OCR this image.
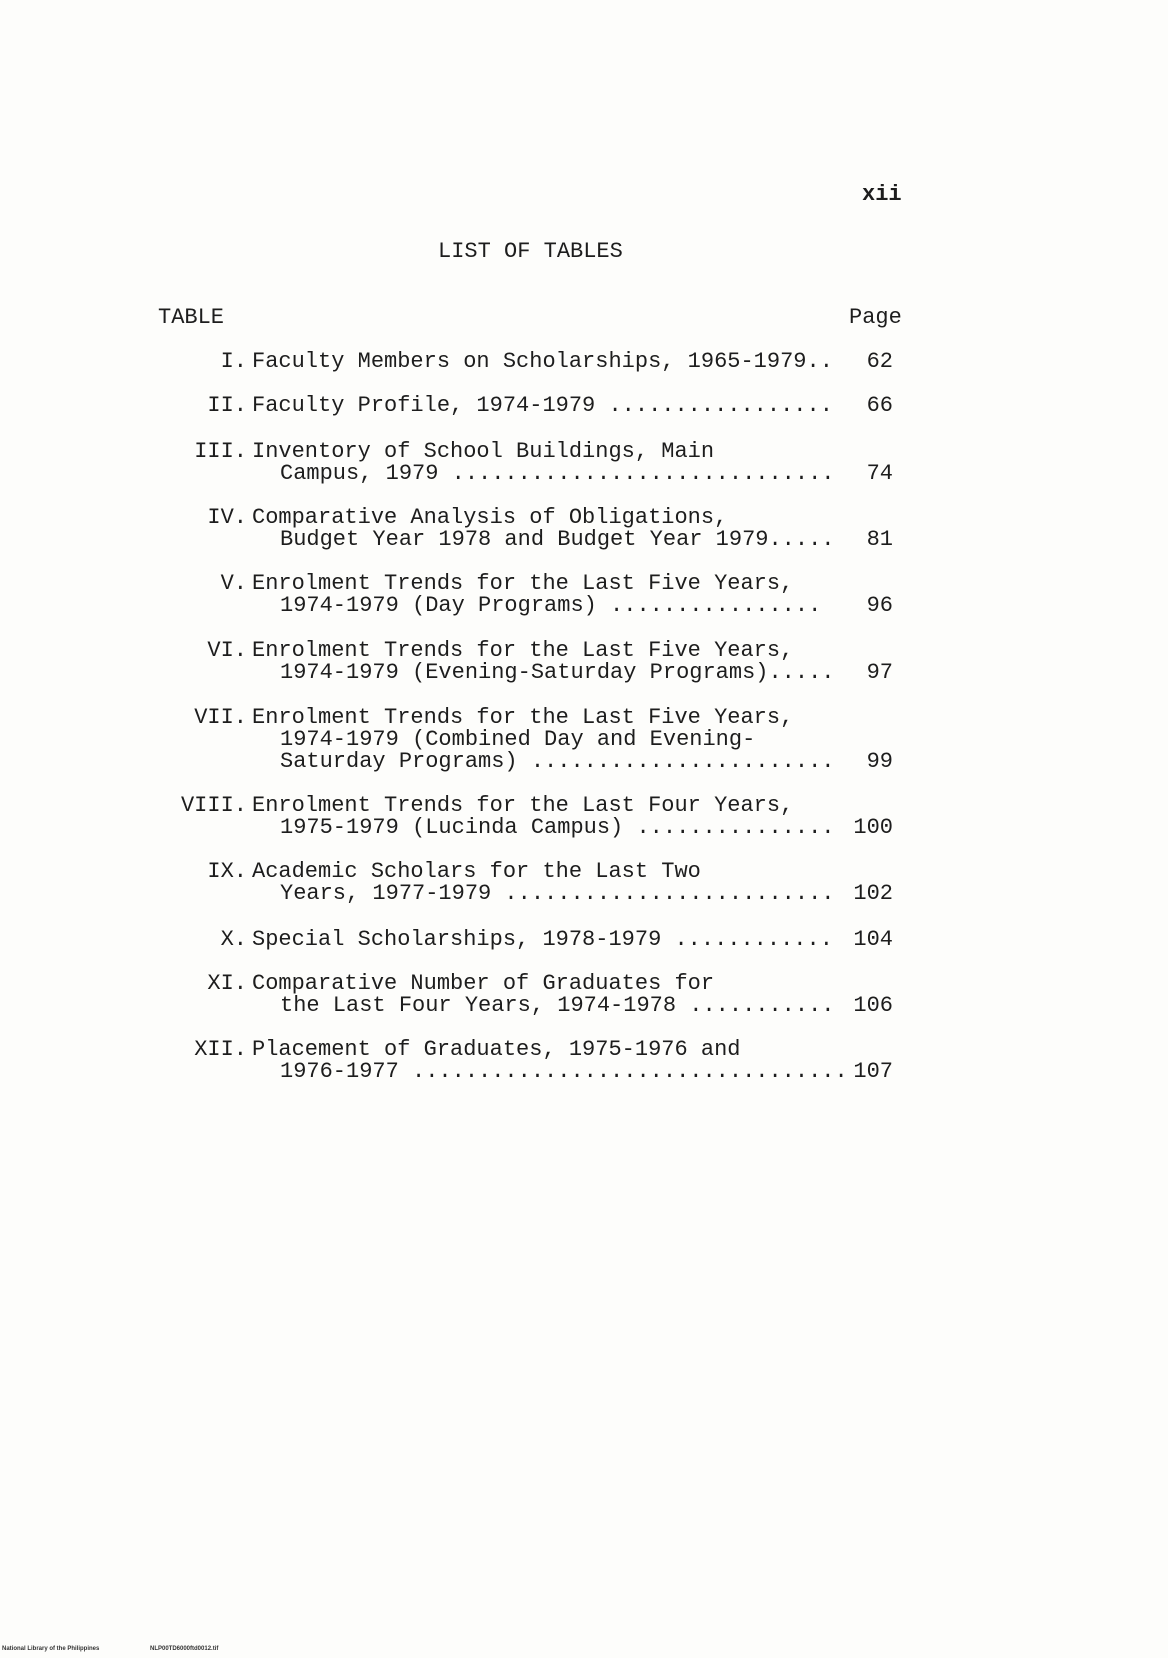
xii
LIST OF TABLES
TABLE	Page
I. Faculty Members on Scholarships, 1965-1979..	62
II. Faculty Profile, 1974-1979 .................	66
III. Inventory of School Buildings, Main
Campus, 1979 .............................	74
IV. Comparative Analysis of Obligations,
Budget Year 1978 and Budget Year 1979.....	81
V. Enrolment Trends for the Last Five Years,
1974-1979 (Day Programs) ................	96
VI. Enrolment Trends for the Last Five Years,
1974-1979 (Evening-Saturday Programs).....	97
VII. Enrolment Trends for the Last Five Years,
1974-1979 (Combined Day and Evening-
Saturday Programs) .......................	99
VIII. Enrolment Trends for the Last Four Years,
1975-1979 (Lucinda Campus) ............... 100
IX. Academic Scholars for the Last Two
Years, 1977-1979 ......................... 102
X. Special Scholarships, 1978-1979 ............ 104
XI. Comparative Number of Graduates for
the Last Four Years, 1974-1978 ........... 106
XII. Placement of Graduates, 1975-1976 and
1976-1977 ................................. 107
National Library of the Philippines	NLP00TD6000ftd0012.tif
